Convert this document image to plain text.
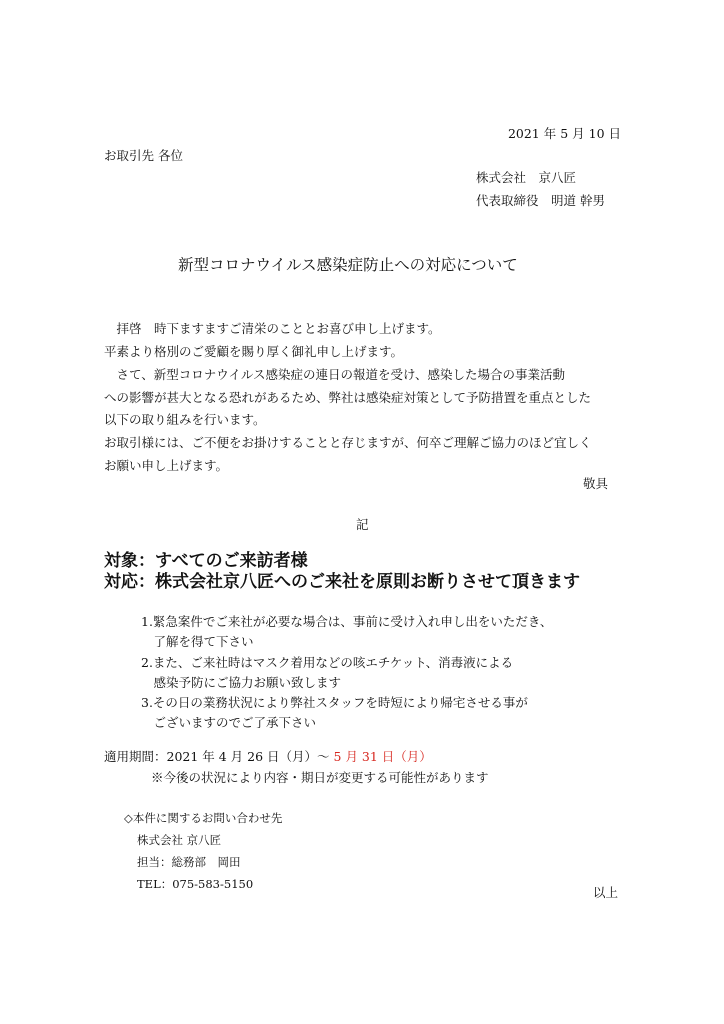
2021 年 5 月 10 日
お取引先 各位
株式会社　京八匠
代表取締役　明道 幹男
新型コロナウイルス感染症防止への対応について
　拝啓　時下ますますご清栄のこととお喜び申し上げます。
平素より格別のご愛顧を賜り厚く御礼申し上げます。
　さて、新型コロナウイルス感染症の連日の報道を受け、感染した場合の事業活動
への影響が甚大となる恐れがあるため、弊社は感染症対策として予防措置を重点とした
以下の取り組みを行います。
お取引様には、ご不便をお掛けすることと存じますが、何卒ご理解ご協力のほど宜しく
お願い申し上げます。
敬具
記
対象：すべてのご来訪者様
対応：株式会社京八匠へのご来社を原則お断りさせて頂きます
1.緊急案件でご来社が必要な場合は、事前に受け入れ申し出をいただき、
　了解を得て下さい
2.また、ご来社時はマスク着用などの咳エチケット、消毒液による
　感染予防にご協力お願い致します
3.その日の業務状況により弊社スタッフを時短により帰宅させる事が
　ございますのでご了承下さい
適用期間：2021 年 4 月 26 日（月）～ 5 月 31 日（月）
※今後の状況により内容・期日が変更する可能性があります
◇本件に関するお問い合わせ先
株式会社 京八匠
担当：総務部　岡田
TEL：075-583-5150
以上
